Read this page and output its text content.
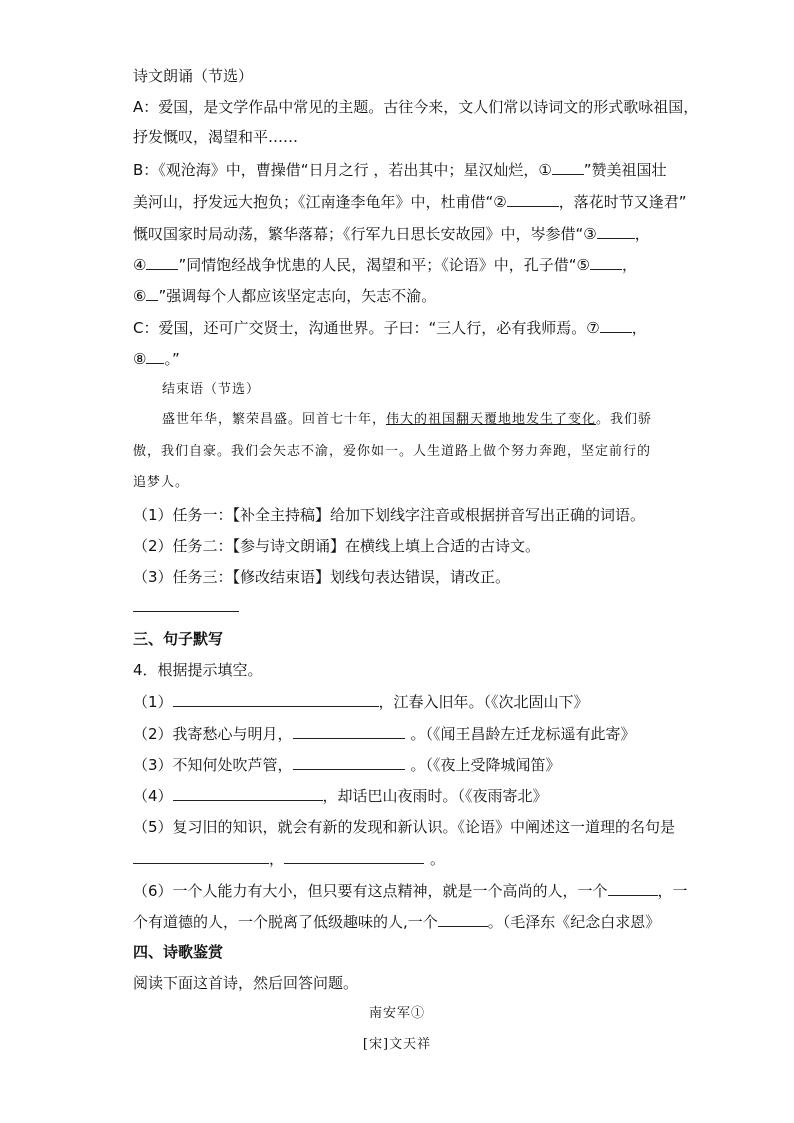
诗文朗诵（节选）
A：爱国，是文学作品中常见的主题。古往今来，文人们常以诗词文的形式歌咏祖国，
抒发慨叹，渴望和平……
B：《观沧海》中，曹操借“日月之行 ，若出其中；星汉灿烂，① ”赞美祖国壮
美河山，抒发远大抱负；《江南逢李龟年》中，杜甫借“②	，落花时节又逢君”
慨叹国家时局动荡，繁华落幕；《行军九日思长安故园》中，岑参借“③	，
④ ”同情饱经战争忧患的人民，渴望和平；《论语》中，孔子借“⑤ ，
⑥ ”强调每个人都应该坚定志向，矢志不渝。
C：爱国，还可广交贤士，沟通世界。子曰：“三人行，必有我师焉。⑦ ，
⑧ 。”
结束语（节选）
盛世年华，繁荣昌盛。回首七十年，伟大的祖国翻天覆地地发生了变化。我们骄
傲，我们自豪。我们会矢志不渝，爱你如一。人生道路上做个努力奔跑，坚定前行的
追梦人。
（1）任务一：【补全主持稿】给加下划线字注音或根据拼音写出正确的词语。
（2）任务二：【参与诗文朗诵】在横线上填上合适的古诗文。
（3）任务三：【修改结束语】划线句表达错误，请改正。
三、句子默写
4．根据提示填空。
（1）	，江春入旧年。（《次北固山下》
（2）我寄愁心与明月，	。（《闻王昌龄左迁龙标遥有此寄》
（3）不知何处吹芦管，	。（《夜上受降城闻笛》
（4）	，却话巴山夜雨时。（《夜雨寄北》
（5）复习旧的知识，就会有新的发现和新认识。《论语》中阐述这一道理的名句是
，	。
（6）一个人能力有大小，但只要有这点精神，就是一个高尚的人，一个	，一
个有道德的人，一个脱离了低级趣味的人,一个	。（毛泽东《纪念白求恩》
四、诗歌鉴赏
阅读下面这首诗，然后回答问题。
南安军①
[宋]文天祥
